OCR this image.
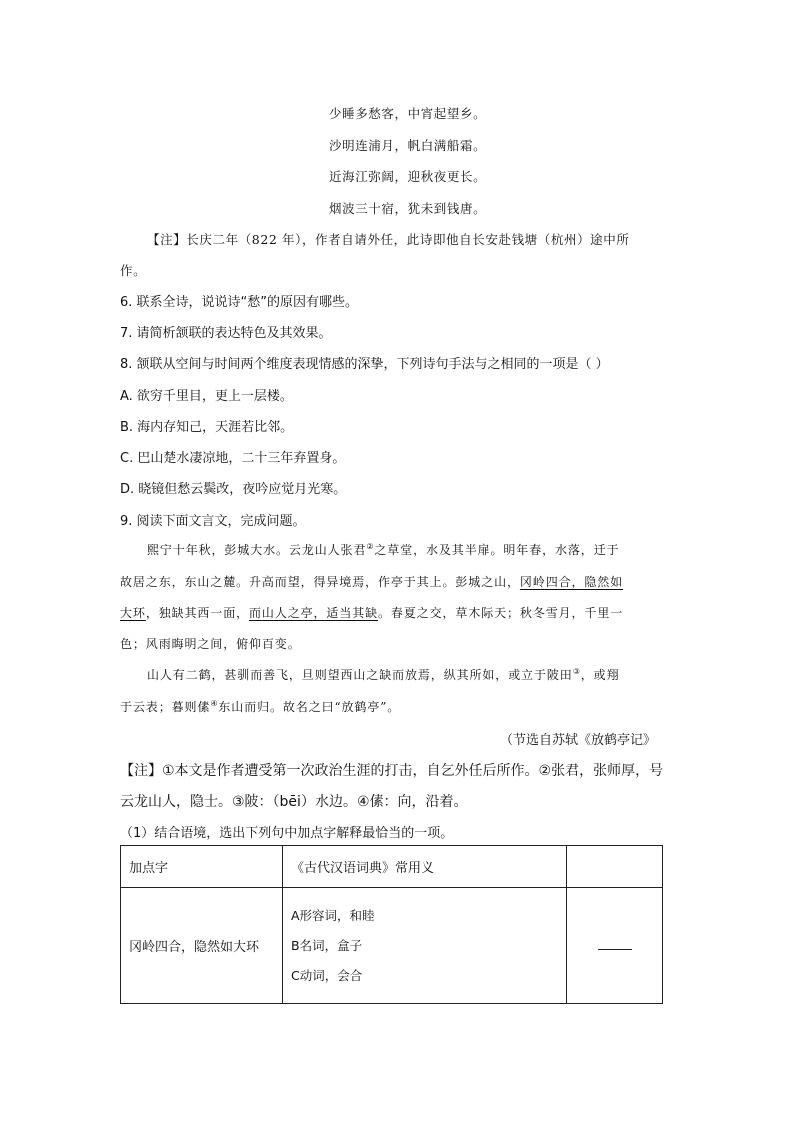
少睡多愁客，中宵起望乡。
沙明连浦月，帆白满船霜。
近海江弥阔，迎秋夜更长。
烟波三十宿，犹未到钱唐。
【注】长庆二年（822 年），作者自请外任，此诗即他自长安赴钱塘（杭州）途中所
作。
6. 联系全诗，说说诗“愁”的原因有哪些。
7. 请简析颔联的表达特色及其效果。
8. 颔联从空间与时间两个维度表现情感的深挚，下列诗句手法与之相同的一项是（ ）
A. 欲穷千里目，更上一层楼。
B. 海内存知己，天涯若比邻。
C. 巴山楚水凄凉地，二十三年弃置身。
D. 晓镜但愁云鬓改，夜吟应觉月光寒。
9. 阅读下面文言文，完成问题。
熙宁十年秋，彭城大水。云龙山人张君②之草堂，水及其半扉。明年春，水落，迁于
故居之东，东山之麓。升高而望，得异境焉，作亭于其上。彭城之山，冈岭四合，隐然如
大环，独缺其西一面，而山人之亭，适当其缺。春夏之交，草木际天；秋冬雪月，千里一
色；风雨晦明之间，俯仰百变。
山人有二鹤，甚驯而善飞，旦则望西山之缺而放焉，纵其所如，或立于陂田③，或翔
于云表；暮则傃④东山而归。故名之曰“放鹤亭”。
（节选自苏轼《放鹤亭记》
【注】①本文是作者遭受第一次政治生涯的打击，自乞外任后所作。②张君，张师厚，号
云龙山人，隐士。③陂：（bēi）水边。④傃：向，沿着。
（1）结合语境，选出下列句中加点字解释最恰当的一项。
加点字	《古代汉语词典》常用义	
冈岭四合，隐然如大环	A形容词，和睦
B名词，盒子
C动词，会合	
